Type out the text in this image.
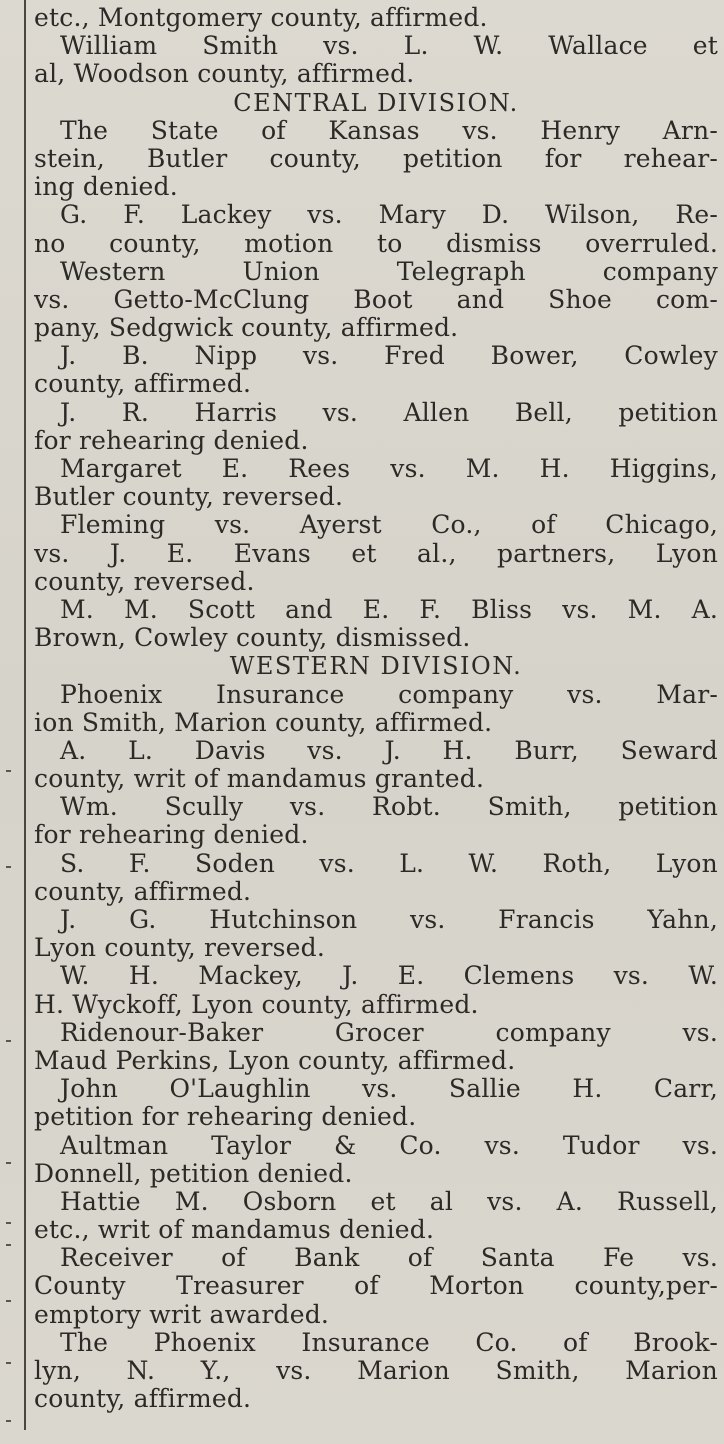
etc., Montgomery county, affirmed.
William Smith vs. L. W. Wallace et
al, Woodson county, affirmed.
CENTRAL DIVISION.
The State of Kansas vs. Henry Arn-
stein, Butler county, petition for rehear-
ing denied.
G. F. Lackey vs. Mary D. Wilson, Re-
no county, motion to dismiss overruled.
Western Union Telegraph company
vs. Getto-McClung Boot and Shoe com-
pany, Sedgwick county, affirmed.
J. B. Nipp vs. Fred Bower, Cowley
county, affirmed.
J. R. Harris vs. Allen Bell, petition
for rehearing denied.
Margaret E. Rees vs. M. H. Higgins,
Butler county, reversed.
Fleming vs. Ayerst Co., of Chicago,
vs. J. E. Evans et al., partners, Lyon
county, reversed.
M. M. Scott and E. F. Bliss vs. M. A.
Brown, Cowley county, dismissed.
WESTERN DIVISION.
Phoenix Insurance company vs. Mar-
ion Smith, Marion county, affirmed.
A. L. Davis vs. J. H. Burr, Seward
county, writ of mandamus granted.
Wm. Scully vs. Robt. Smith, petition
for rehearing denied.
S. F. Soden vs. L. W. Roth, Lyon
county, affirmed.
J. G. Hutchinson vs. Francis Yahn,
Lyon county, reversed.
W. H. Mackey, J. E. Clemens vs. W.
H. Wyckoff, Lyon county, affirmed.
Ridenour-Baker Grocer company vs.
Maud Perkins, Lyon county, affirmed.
John O'Laughlin vs. Sallie H. Carr,
petition for rehearing denied.
Aultman Taylor & Co. vs. Tudor vs.
Donnell, petition denied.
Hattie M. Osborn et al vs. A. Russell,
etc., writ of mandamus denied.
Receiver of Bank of Santa Fe vs.
County Treasurer of Morton county,per-
emptory writ awarded.
The Phoenix Insurance Co. of Brook-
lyn, N. Y., vs. Marion Smith, Marion
county, affirmed.
